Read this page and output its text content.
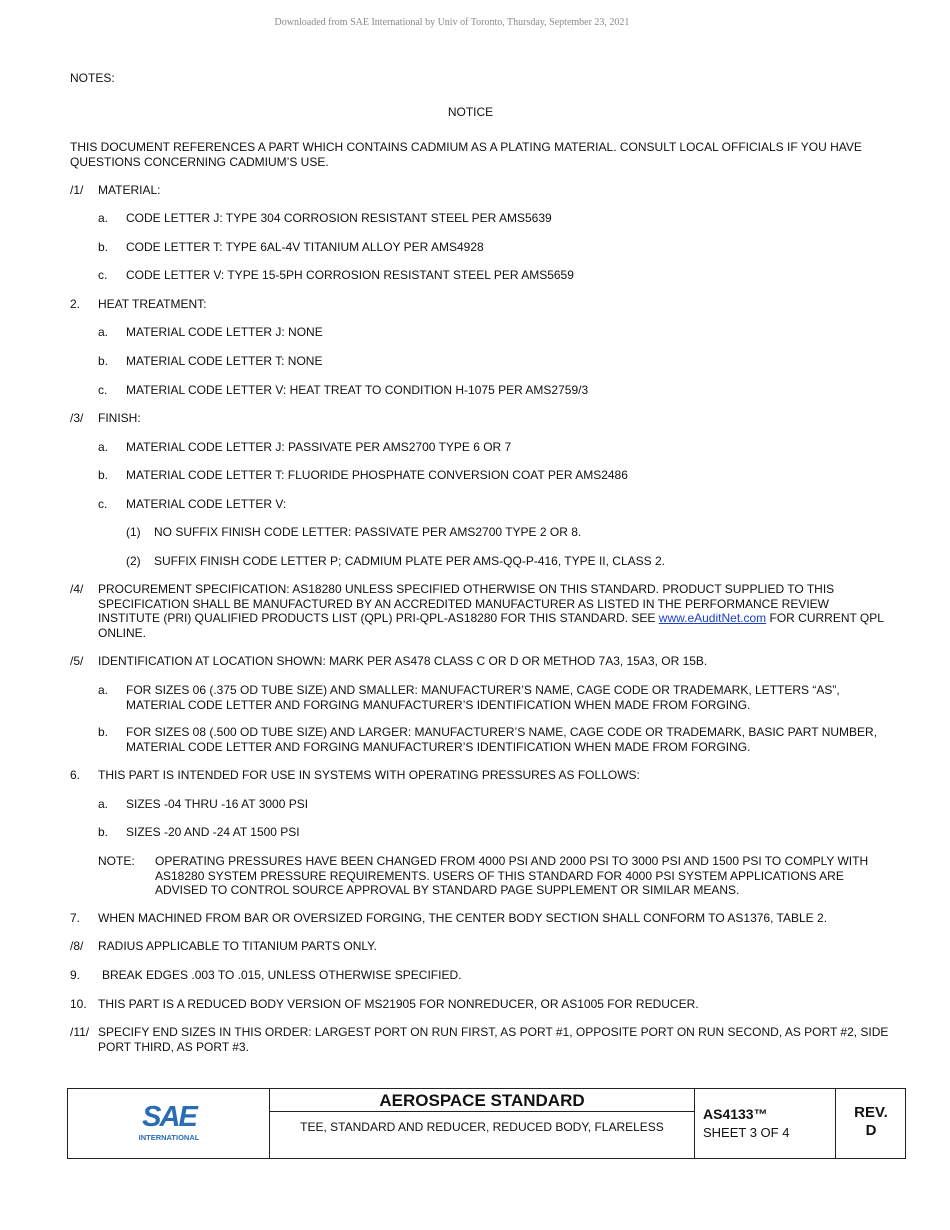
Downloaded from SAE International by Univ of Toronto, Thursday, September 23, 2021
NOTES:
NOTICE
THIS DOCUMENT REFERENCES A PART WHICH CONTAINS CADMIUM AS A PLATING MATERIAL. CONSULT LOCAL OFFICIALS IF YOU HAVE QUESTIONS CONCERNING CADMIUM’S USE.
/1/ MATERIAL:
a. CODE LETTER J: TYPE 304 CORROSION RESISTANT STEEL PER AMS5639
b. CODE LETTER T: TYPE 6AL-4V TITANIUM ALLOY PER AMS4928
c. CODE LETTER V: TYPE 15-5PH CORROSION RESISTANT STEEL PER AMS5659
2. HEAT TREATMENT:
a. MATERIAL CODE LETTER J: NONE
b. MATERIAL CODE LETTER T: NONE
c. MATERIAL CODE LETTER V: HEAT TREAT TO CONDITION H-1075 PER AMS2759/3
/3/ FINISH:
a. MATERIAL CODE LETTER J: PASSIVATE PER AMS2700 TYPE 6 OR 7
b. MATERIAL CODE LETTER T: FLUORIDE PHOSPHATE CONVERSION COAT PER AMS2486
c. MATERIAL CODE LETTER V:
(1) NO SUFFIX FINISH CODE LETTER: PASSIVATE PER AMS2700 TYPE 2 OR 8.
(2) SUFFIX FINISH CODE LETTER P; CADMIUM PLATE PER AMS-QQ-P-416, TYPE II, CLASS 2.
/4/ PROCUREMENT SPECIFICATION: AS18280 UNLESS SPECIFIED OTHERWISE ON THIS STANDARD. PRODUCT SUPPLIED TO THIS SPECIFICATION SHALL BE MANUFACTURED BY AN ACCREDITED MANUFACTURER AS LISTED IN THE PERFORMANCE REVIEW INSTITUTE (PRI) QUALIFIED PRODUCTS LIST (QPL) PRI-QPL-AS18280 FOR THIS STANDARD. SEE www.eAuditNet.com FOR CURRENT QPL ONLINE.
/5/ IDENTIFICATION AT LOCATION SHOWN: MARK PER AS478 CLASS C OR D OR METHOD 7A3, 15A3, OR 15B.
a. FOR SIZES 06 (.375 OD TUBE SIZE) AND SMALLER: MANUFACTURER’S NAME, CAGE CODE OR TRADEMARK, LETTERS “AS”, MATERIAL CODE LETTER AND FORGING MANUFACTURER’S IDENTIFICATION WHEN MADE FROM FORGING.
b. FOR SIZES 08 (.500 OD TUBE SIZE) AND LARGER: MANUFACTURER’S NAME, CAGE CODE OR TRADEMARK, BASIC PART NUMBER, MATERIAL CODE LETTER AND FORGING MANUFACTURER’S IDENTIFICATION WHEN MADE FROM FORGING.
6. THIS PART IS INTENDED FOR USE IN SYSTEMS WITH OPERATING PRESSURES AS FOLLOWS:
a. SIZES -04 THRU -16 AT 3000 PSI
b. SIZES -20 AND -24 AT 1500 PSI
NOTE: OPERATING PRESSURES HAVE BEEN CHANGED FROM 4000 PSI AND 2000 PSI TO 3000 PSI AND 1500 PSI TO COMPLY WITH AS18280 SYSTEM PRESSURE REQUIREMENTS. USERS OF THIS STANDARD FOR 4000 PSI SYSTEM APPLICATIONS ARE ADVISED TO CONTROL SOURCE APPROVAL BY STANDARD PAGE SUPPLEMENT OR SIMILAR MEANS.
7. WHEN MACHINED FROM BAR OR OVERSIZED FORGING, THE CENTER BODY SECTION SHALL CONFORM TO AS1376, TABLE 2.
/8/ RADIUS APPLICABLE TO TITANIUM PARTS ONLY.
9. BREAK EDGES .003 TO .015, UNLESS OTHERWISE SPECIFIED.
10. THIS PART IS A REDUCED BODY VERSION OF MS21905 FOR NONREDUCER, OR AS1005 FOR REDUCER.
/11/ SPECIFY END SIZES IN THIS ORDER: LARGEST PORT ON RUN FIRST, AS PORT #1, OPPOSITE PORT ON RUN SECOND, AS PORT #2, SIDE PORT THIRD, AS PORT #3.
SAE
INTERNATIONAL
AEROSPACE STANDARD
TEE, STANDARD AND REDUCER, REDUCED BODY, FLARELESS
AS4133™
SHEET 3 OF 4
REV.
D
